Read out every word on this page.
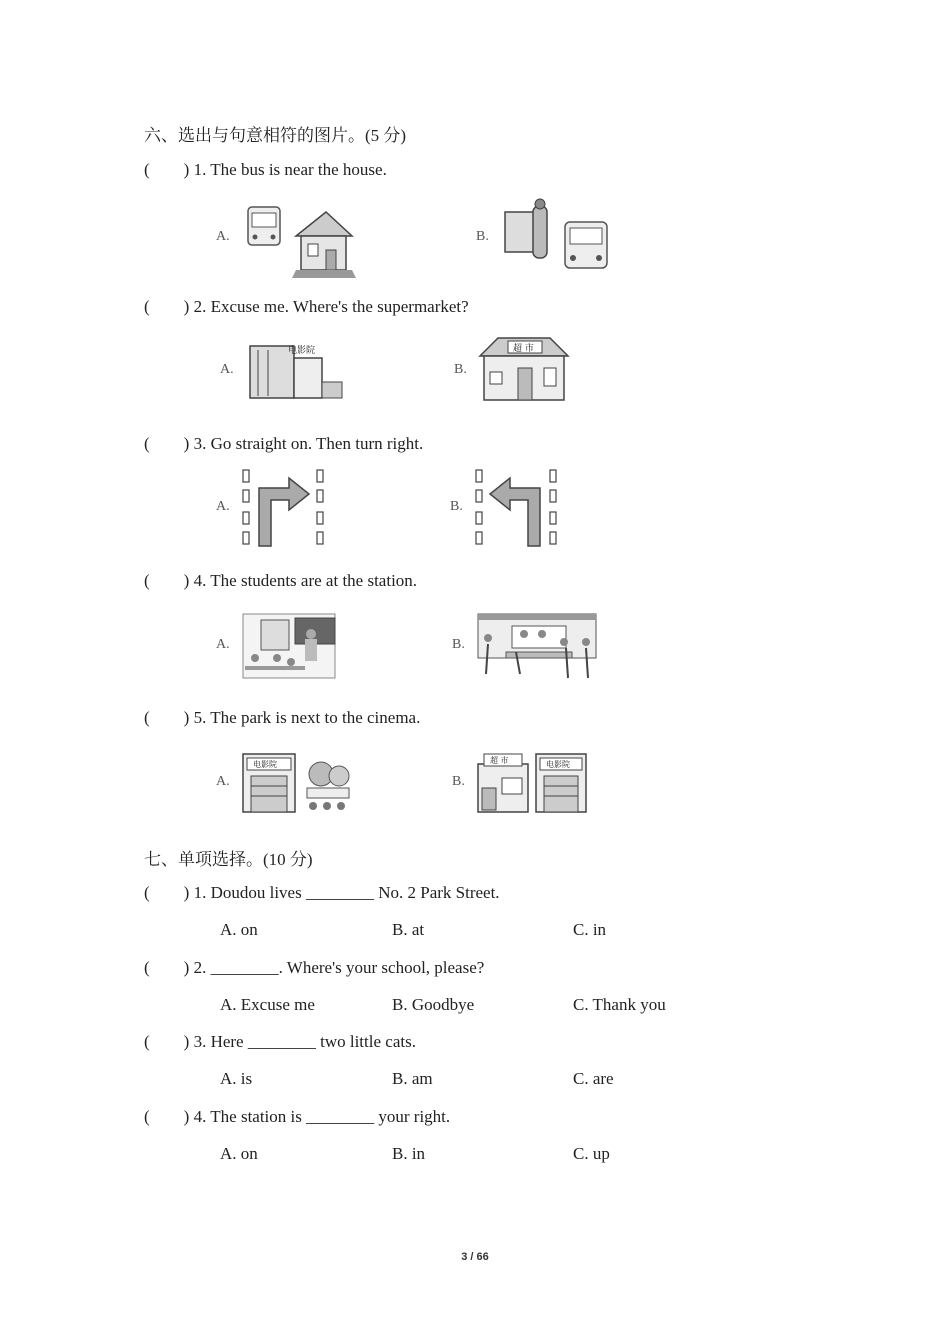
六、选出与句意相符的图片。(5 分)
(        ) 1. The bus is near the house.
A.	B.
(        ) 2. Excuse me. Where's the supermarket?
A.
电影院
B.
超 市
(        ) 3. Go straight on. Then turn right.
A.	B.
(        ) 4. The students are at the station.
A.	B.
(        ) 5. The park is next to the cinema.
A.
电影院
B.
超 市	电影院
七、单项选择。(10 分)
(        ) 1. Doudou lives ________ No. 2 Park Street.
A. on	B. at	C. in
(        ) 2. ________. Where's your school, please?
A. Excuse me	B. Goodbye	C. Thank you
(        ) 3. Here ________ two little cats.
A. is	B. am	C. are
(        ) 4. The station is ________ your right.
A. on	B. in	C. up
3 / 66
